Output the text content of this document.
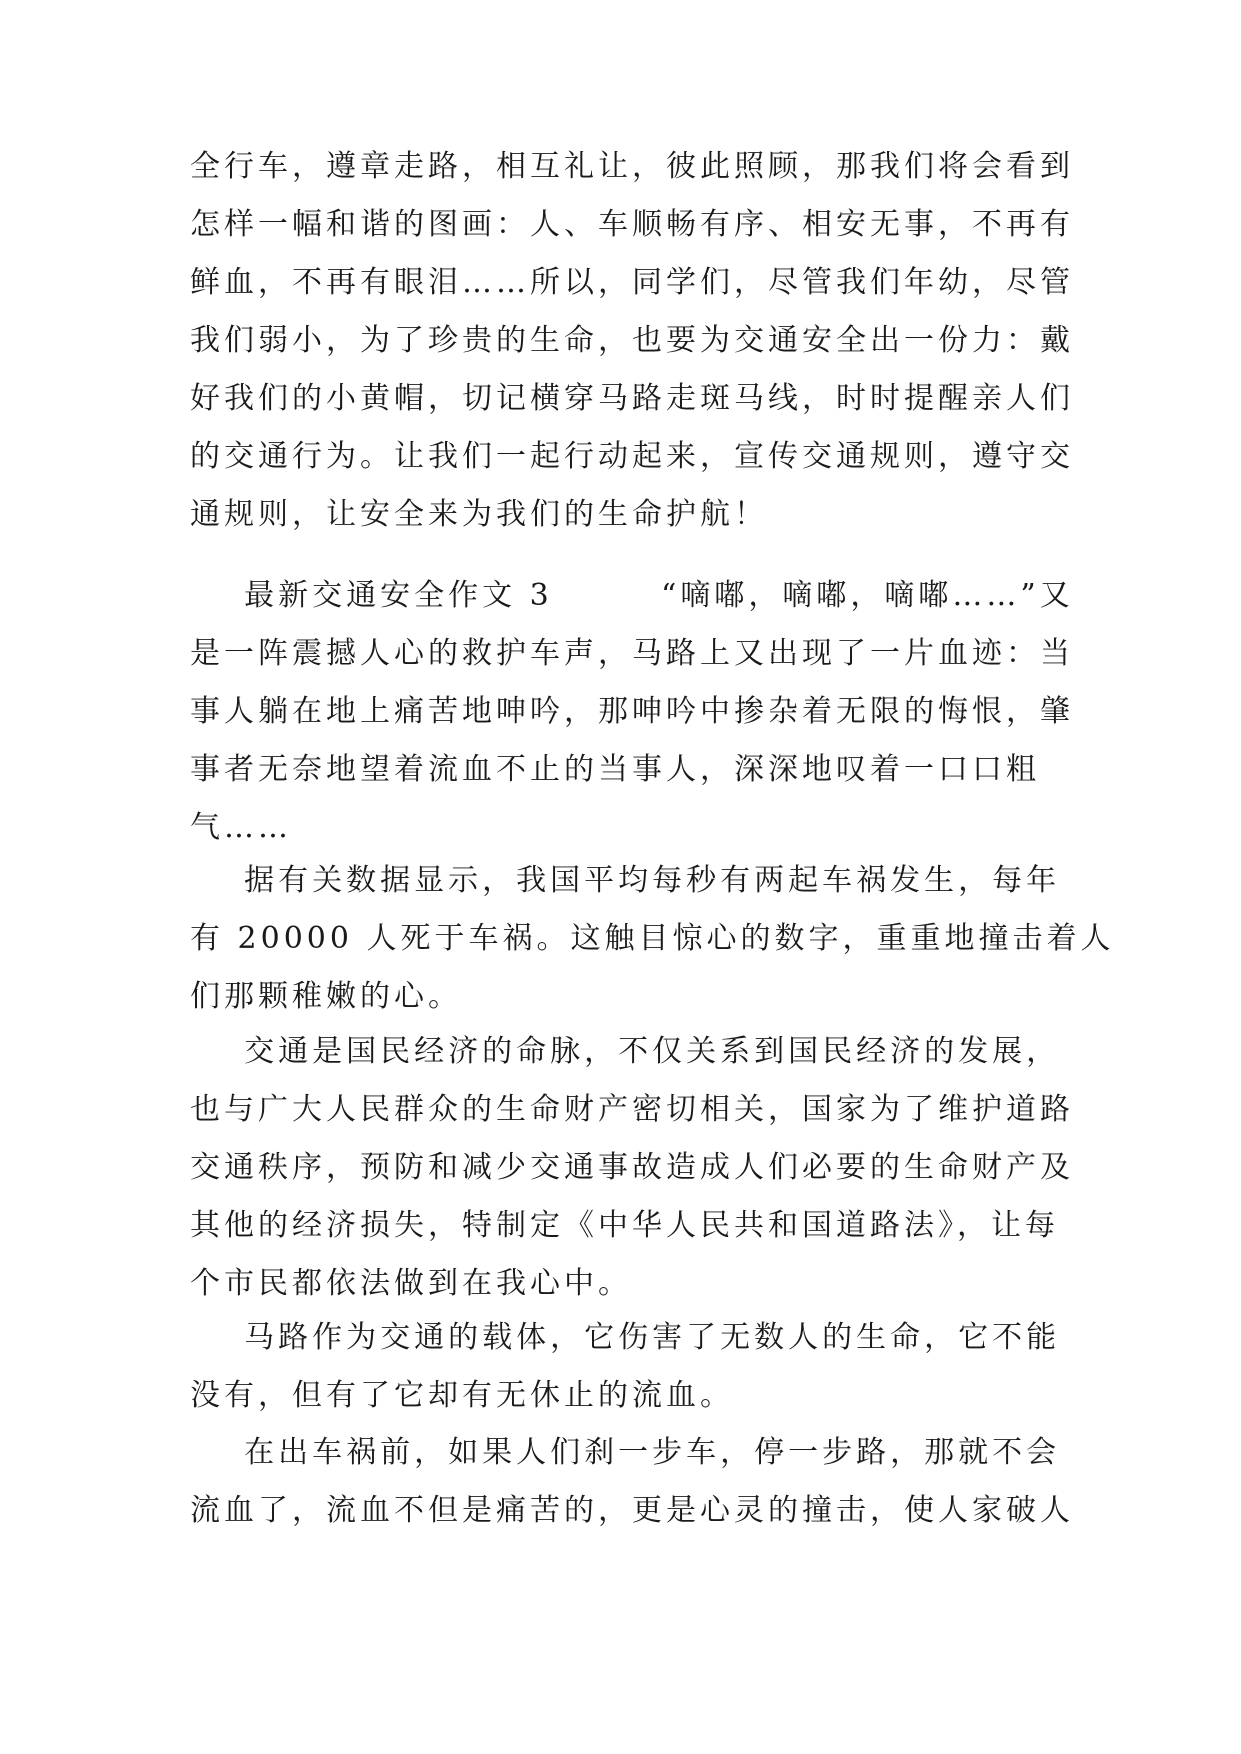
全行车，遵章走路，相互礼让，彼此照顾，那我们将会看到
怎样一幅和谐的图画：人、车顺畅有序、相安无事，不再有
鲜血，不再有眼泪……所以，同学们，尽管我们年幼，尽管
我们弱小，为了珍贵的生命，也要为交通安全出一份力：戴
好我们的小黄帽，切记横穿马路走斑马线，时时提醒亲人们
的交通行为。让我们一起行动起来，宣传交通规则，遵守交
通规则，让安全来为我们的生命护航！
最新交通安全作文 3        “嘀嘟，嘀嘟，嘀嘟……”又
是一阵震撼人心的救护车声，马路上又出现了一片血迹：当
事人躺在地上痛苦地呻吟，那呻吟中掺杂着无限的悔恨，肇
事者无奈地望着流血不止的当事人，深深地叹着一口口粗
气……
据有关数据显示，我国平均每秒有两起车祸发生，每年
有 20000 人死于车祸。这触目惊心的数字，重重地撞击着人
们那颗稚嫩的心。
交通是国民经济的命脉，不仅关系到国民经济的发展，
也与广大人民群众的生命财产密切相关，国家为了维护道路
交通秩序，预防和减少交通事故造成人们必要的生命财产及
其他的经济损失，特制定《中华人民共和国道路法》，让每
个市民都依法做到在我心中。
马路作为交通的载体，它伤害了无数人的生命，它不能
没有，但有了它却有无休止的流血。
在出车祸前，如果人们刹一步车，停一步路，那就不会
流血了，流血不但是痛苦的，更是心灵的撞击，使人家破人
